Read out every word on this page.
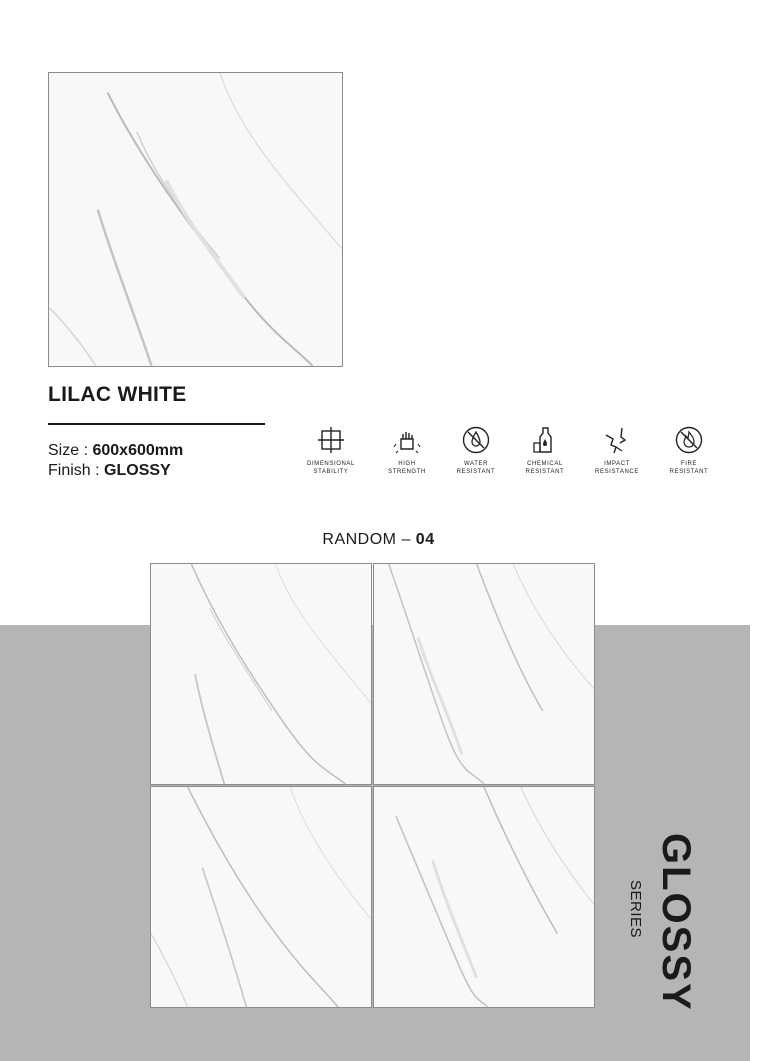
LILAC WHITE
Size : 600x600mm
Finish : GLOSSY	DIMENSIONAL
STABILITY
HIGH
STRENGTH
WATER
RESISTANT
CHEMICAL
RESISTANT
IMPACT
RESISTANCE
FIRE
RESISTANT
RANDOM – 04
GLOSSY
SERIES
